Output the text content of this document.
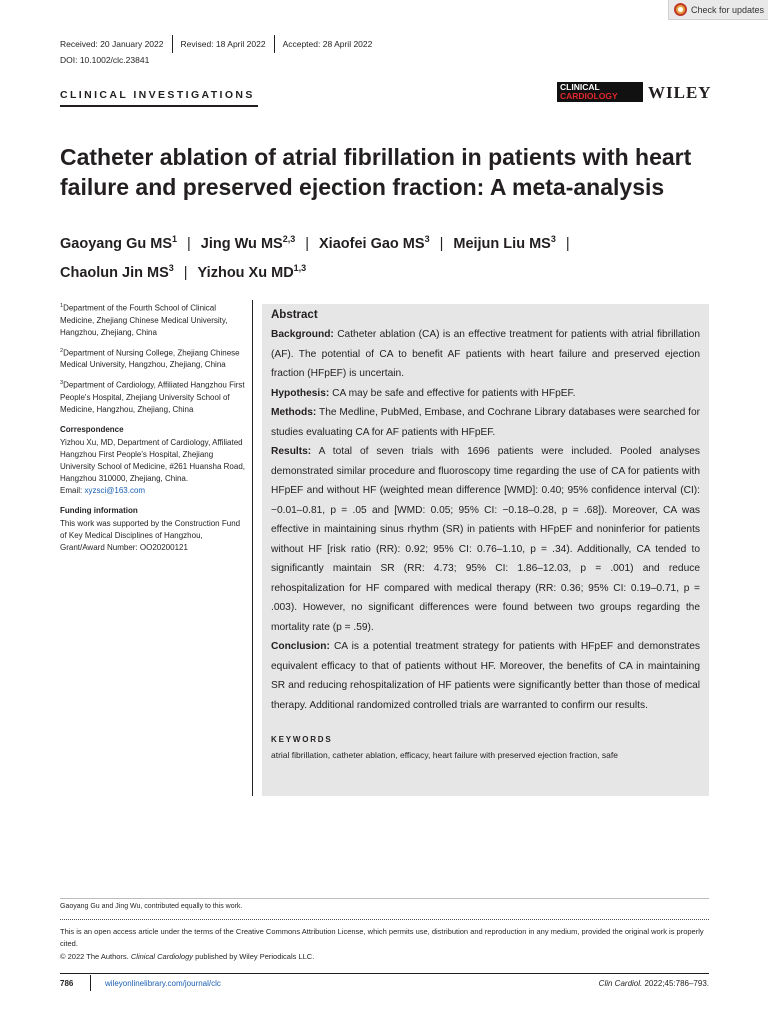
Check for updates
Received: 20 January 2022 Revised: 18 April 2022 Accepted: 28 April 2022
DOI: 10.1002/clc.23841
CLINICAL INVESTIGATIONS
CLINICAL
CARDIOLOGY	WILEY
Catheter ablation of atrial fibrillation in patients with heart failure and preserved ejection fraction: A meta-analysis
Gaoyang Gu $MS^1$ | Jing Wu MS$^{2,3}$ | Xiaofei Gao $MS^3$ | Meijun Liu $MS^3$ |
Chaolun Jin $MS^3$ | Yizhou Xu MD$^{1,3}$

$^1$Department of the Fourth School of Clinical Medicine, Zhejiang Chinese Medical University, Hangzhou, Zhejiang, China

$^2$Department of Nursing College, Zhejiang Chinese Medical University, Hangzhou, Zhejiang, China

$^3$Department of Cardiology, Affiliated Hangzhou First People's Hospital, Zhejiang University School of Medicine, Hangzhou, Zhejiang, China

Correspondence

Yizhou Xu, MD, Department of Cardiology, Affiliated Hangzhou First People's Hospital, Zhejiang University School of Medicine, #261 Huansha Road, Hangzhou 310000, Zhejiang, China.
Email: xyzsci@163.com

Funding information

This work was supported by the Construction Fund of Key Medical Disciplines of Hangzhou, Grant/Award Number: OO20200121

Abstract

Background: Catheter ablation (CA) is an effective treatment for patients with atrial fibrillation (AF). The potential of CA to benefit AF patients with heart failure and preserved ejection fraction (HFpEF) is uncertain.

Hypothesis: CA may be safe and effective for patients with HFpEF.

Methods: The Medline, PubMed, Embase, and Cochrane Library databases were searched for studies evaluating CA for AF patients with HFpEF.

Results: A total of seven trials with 1696 patients were included. Pooled analyses demonstrated similar procedure and fluoroscopy time regarding the use of CA for patients with HFpEF and without HF (weighted mean difference [WMD]: 0.40; 95% confidence interval (CI): −0.01–0.81, p = .05 and [WMD: 0.05; 95% CI: −0.18–0.28, p = .68]). Moreover, CA was effective in maintaining sinus rhythm (SR) in patients with HFpEF and noninferior for patients without HF [risk ratio (RR): 0.92; 95% CI: 0.76–1.10, p = .34). Additionally, CA tended to significantly maintain SR (RR: 4.73; 95% CI: 1.86–12.03, p = .001) and reduce rehospitalization for HF compared with medical therapy (RR: 0.36; 95% CI: 0.19–0.71, p = .003). However, no significant differences were found between two groups regarding the mortality rate (p = .59).

Conclusion: CA is a potential treatment strategy for patients with HFpEF and demonstrates equivalent efficacy to that of patients without HF. Moreover, the benefits of CA in maintaining SR and reducing rehospitalization of HF patients were significantly better than those of medical therapy. Additional randomized controlled trials are warranted to confirm our results.

KEYWORDS
atrial fibrillation, catheter ablation, efficacy, heart failure with preserved ejection fraction, safe
Gaoyang Gu and Jing Wu, contributed equally to this work.
This is an open access article under the terms of the Creative Commons Attribution License, which permits use, distribution and reproduction in any medium, provided the original work is properly cited.
© 2022 The Authors. Clinical Cardiology published by Wiley Periodicals LLC.
786	wileyonlinelibrary.com/journal/clc	Clin Cardiol. 2022;45:786–793.
